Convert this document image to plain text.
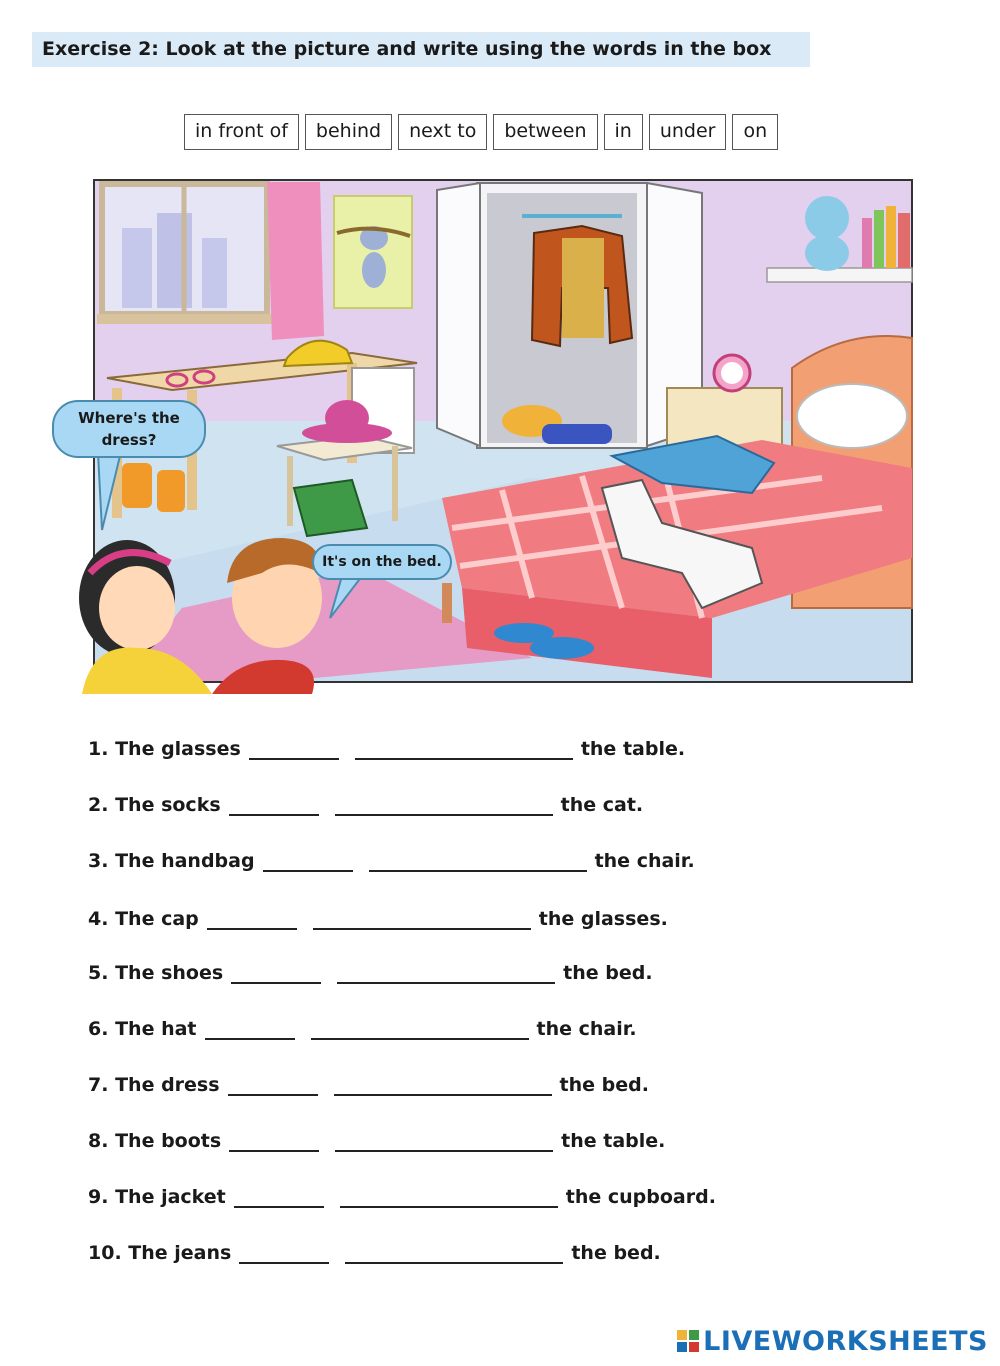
Exercise 2: Look at the picture and write using the words in the box
in front of	behind	next to	between	in	under	on
Where's the dress?
It's on the bed.
1.
The glasses	the table.
2.
The socks	the cat.
3.
The handbag	the chair.
4.
The cap	the glasses.
5.
The shoes	the bed.
6.
The hat	the chair.
7.
The dress	the bed.
8.
The boots	the table.
9.
The jacket	the cupboard.
10.
The jeans	the bed.
LIVEWORKSHEETS
